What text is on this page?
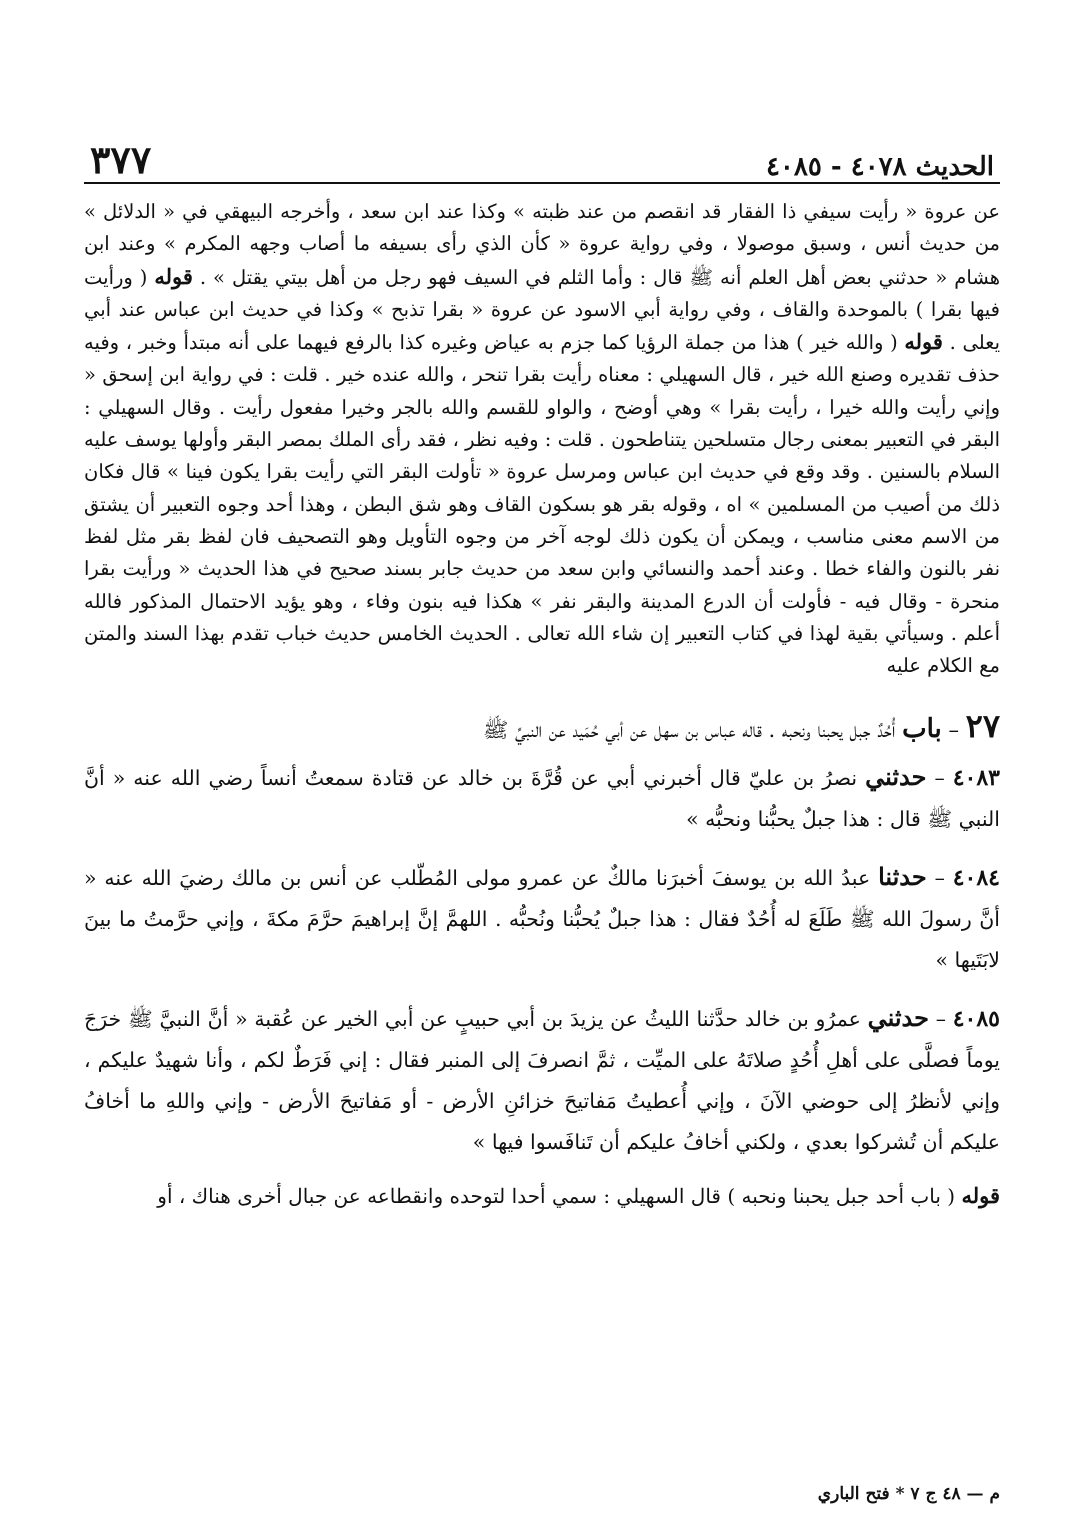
الحديث ٤٠٧٨ - ٤٠٨٥
٣٧٧

عن عروة « رأيت سيفي ذا الفقار قد انقصم من عند ظبته » وكذا عند ابن سعد ، وأخرجه البيهقي في « الدلائل » من حديث أنس ، وسبق موصولا ، وفي رواية عروة « كأن الذي رأى بسيفه ما أصاب وجهه المكرم » وعند ابن هشام « حدثني بعض أهل العلم أنه ﷺ قال : وأما الثلم في السيف فهو رجل من أهل بيتي يقتل » . قوله ( ورأيت فيها بقرا ) بالموحدة والقاف ، وفي رواية أبي الاسود عن عروة « بقرا تذبح » وكذا في حديث ابن عباس عند أبي يعلى . قوله ( والله خير ) هذا من جملة الرؤيا كما جزم به عياض وغيره كذا بالرفع فيهما على أنه مبتدأ وخبر ، وفيه حذف تقديره وصنع الله خير ، قال السهيلي : معناه رأيت بقرا تنحر ، والله عنده خير . قلت : في رواية ابن إسحق « وإني رأيت والله خيرا ، رأيت بقرا » وهي أوضح ، والواو للقسم والله بالجر وخيرا مفعول رأيت . وقال السهيلي : البقر في التعبير بمعنى رجال متسلحين يتناطحون . قلت : وفيه نظر ، فقد رأى الملك بمصر البقر وأولها يوسف عليه السلام بالسنين . وقد وقع في حديث ابن عباس ومرسل عروة « تأولت البقر التي رأيت بقرا يكون فينا » قال فكان ذلك من أصيب من المسلمين » اه ، وقوله بقر هو بسكون القاف وهو شق البطن ، وهذا أحد وجوه التعبير أن يشتق من الاسم معنى مناسب ، ويمكن أن يكون ذلك لوجه آخر من وجوه التأويل وهو التصحيف فان لفظ بقر مثل لفظ نفر بالنون والفاء خطا . وعند أحمد والنسائي وابن سعد من حديث جابر بسند صحيح في هذا الحديث « ورأيت بقرا منحرة - وقال فيه - فأولت أن الدرع المدينة والبقر نفر » هكذا فيه بنون وفاء ، وهو يؤيد الاحتمال المذكور فالله أعلم . وسيأتي بقية لهذا في كتاب التعبير إن شاء الله تعالى . الحديث الخامس حديث خباب تقدم بهذا السند والمتن مع الكلام عليه

٢٧ – باب أُحُدٌ جبل يحبنا ونحبه . قاله عباس بن سهل عن أبي حُمَيد عن النبيِّ ﷺ

٤٠٨٣ – حدثني نصرُ بن عليّ قال أخبرني أبي عن قُرَّةَ بن خالد عن قتادة سمعتُ أنساً رضي الله عنه « أنَّ النبي ﷺ قال : هذا جبلٌ يحبُّنا ونحبُّه »

٤٠٨٤ – حدثنا عبدُ الله بن يوسفَ أخبرَنا مالكٌ عن عمرو مولى المُطّلب عن أنس بن مالك رضيَ الله عنه « أنَّ رسولَ الله ﷺ طَلَعَ له أُحُدٌ فقال : هذا جبلٌ يُحبُّنا ونُحبُّه . اللهمَّ إنَّ إبراهيمَ حرَّمَ مكةَ ، وإني حرَّمتُ ما بينَ لابَتَيها »

٤٠٨٥ – حدثني عمرُو بن خالد حدَّثنا الليثُ عن يزيدَ بن أبي حبيبٍ عن أبي الخير عن عُقبة « أنَّ النبيَّ ﷺ خرَجَ يوماً فصلَّى على أهلِ أُحُدٍ صلاتَهُ على الميِّت ، ثمَّ انصرفَ إلى المنبر فقال : إني فَرَطٌ لكم ، وأنا شهيدٌ عليكم ، وإني لأنظرُ إلى حوضي الآنَ ، وإني أُعطيتُ مَفاتيحَ خزائنِ الأرض - أو مَفاتيحَ الأرض - وإني واللهِ ما أخافُ عليكم أن تُشركوا بعدي ، ولكني أخافُ عليكم أن تَنافَسوا فيها »

قوله ( باب أحد جبل يحبنا ونحبه ) قال السهيلي : سمي أحدا لتوحده وانقطاعه عن جبال أخرى هناك ، أو

م — ٤٨ ج ٧ * فتح الباري
